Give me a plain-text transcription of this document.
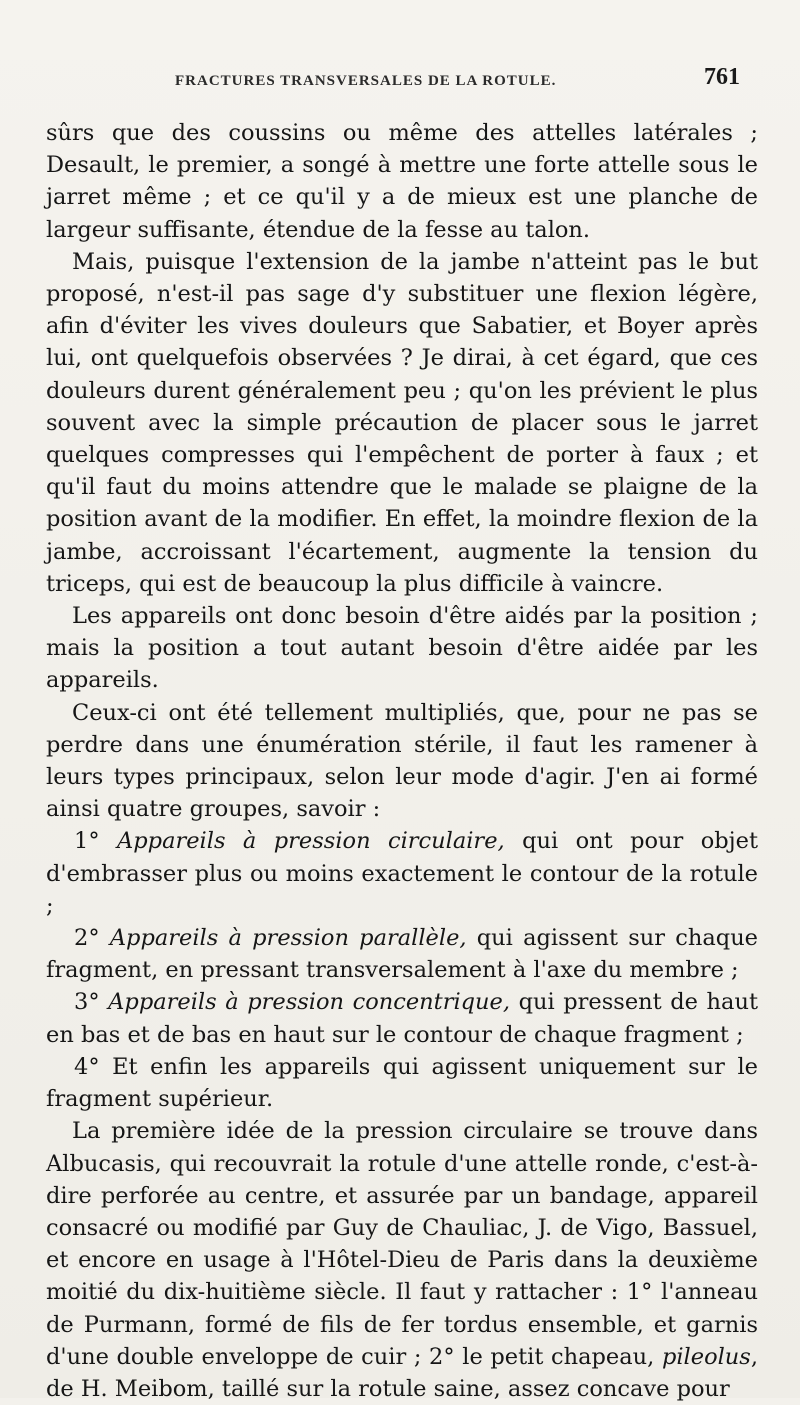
FRACTURES TRANSVERSALES DE LA ROTULE.	761

sûrs que des coussins ou même des attelles latérales ; Desault, le premier, a songé à mettre une forte attelle sous le jarret même ; et ce qu'il y a de mieux est une planche de largeur suffisante, étendue de la fesse au talon.

Mais, puisque l'extension de la jambe n'atteint pas le but proposé, n'est-il pas sage d'y substituer une flexion légère, afin d'éviter les vives douleurs que Sabatier, et Boyer après lui, ont quelquefois observées ? Je dirai, à cet égard, que ces douleurs durent généralement peu ; qu'on les prévient le plus souvent avec la simple précaution de placer sous le jarret quelques compresses qui l'empêchent de porter à faux ; et qu'il faut du moins attendre que le malade se plaigne de la position avant de la modifier. En effet, la moindre flexion de la jambe, accroissant l'écartement, augmente la tension du triceps, qui est de beaucoup la plus difficile à vaincre.

Les appareils ont donc besoin d'être aidés par la position ; mais la position a tout autant besoin d'être aidée par les appareils.

Ceux-ci ont été tellement multipliés, que, pour ne pas se perdre dans une énumération stérile, il faut les ramener à leurs types principaux, selon leur mode d'agir. J'en ai formé ainsi quatre groupes, savoir :

1° Appareils à pression circulaire, qui ont pour objet d'embrasser plus ou moins exactement le contour de la rotule ;

2° Appareils à pression parallèle, qui agissent sur chaque fragment, en pressant transversalement à l'axe du membre ;

3° Appareils à pression concentrique, qui pressent de haut en bas et de bas en haut sur le contour de chaque fragment ;

4° Et enfin les appareils qui agissent uniquement sur le fragment supérieur.

La première idée de la pression circulaire se trouve dans Albucasis, qui recouvrait la rotule d'une attelle ronde, c'est-à-dire perforée au centre, et assurée par un bandage, appareil consacré ou modifié par Guy de Chauliac, J. de Vigo, Bassuel, et encore en usage à l'Hôtel-Dieu de Paris dans la deuxième moitié du dix-huitième siècle. Il faut y rattacher : 1° l'anneau de Purmann, formé de fils de fer tordus ensemble, et garnis d'une double enveloppe de cuir ; 2° le petit chapeau, pileolus, de H. Meibom, taillé sur la rotule saine, assez concave pour
